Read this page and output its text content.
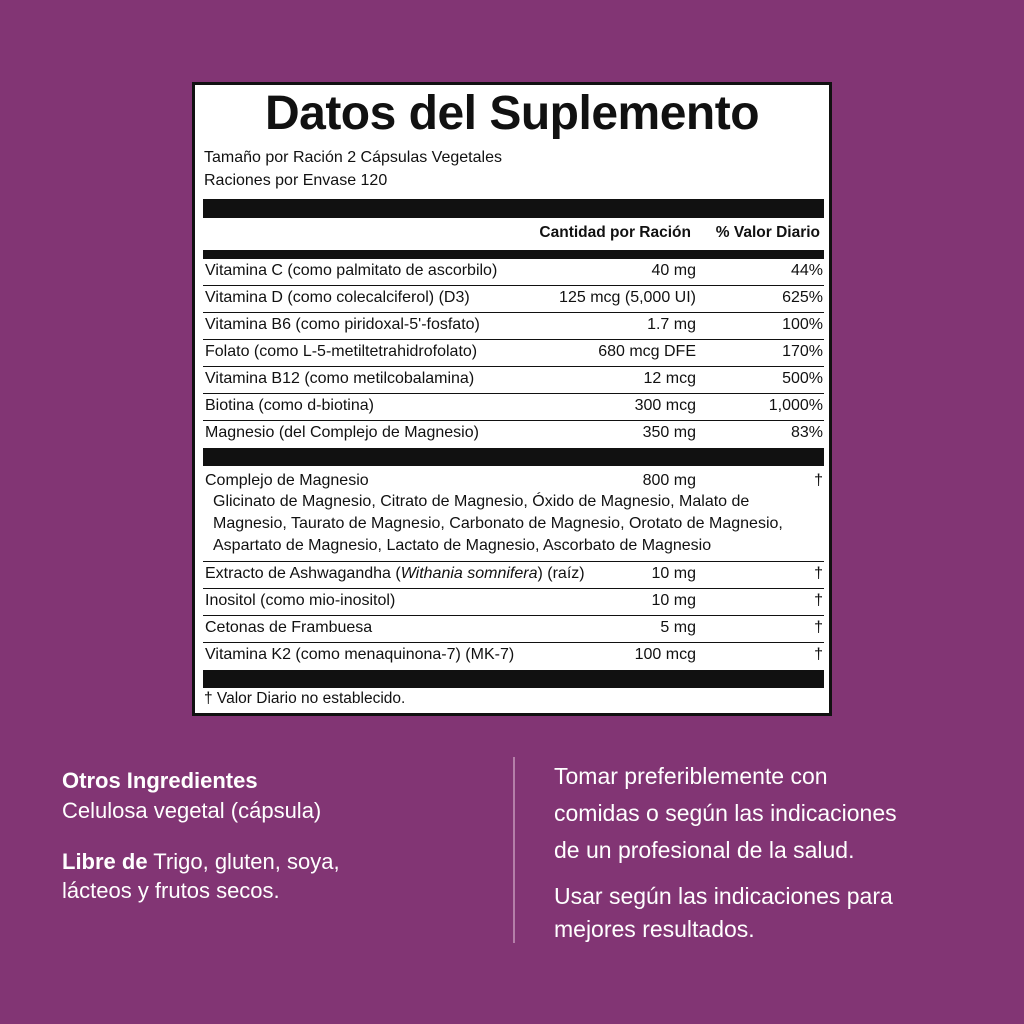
Datos del Suplemento
Tamaño por Ración 2 Cápsulas Vegetales
Raciones por Envase 120
Cantidad por Ración % Valor Diario
Vitamina C (como palmitato de ascorbilo)	40 mg	44%
Vitamina D (como colecalciferol) (D3)	125 mcg (5,000 UI)	625%
Vitamina B6 (como piridoxal-5'-fosfato)	1.7 mg	100%
Folato (como L-5-metiltetrahidrofolato)	680 mcg DFE	170%
Vitamina B12 (como metilcobalamina)	12 mcg	500%
Biotina (como d-biotina)	300 mcg	1,000%
Magnesio (del Complejo de Magnesio)	350 mg	83%
Complejo de Magnesio	800 mg	†
Glicinato de Magnesio, Citrato de Magnesio, Óxido de Magnesio, Malato de
Magnesio, Taurato de Magnesio, Carbonato de Magnesio, Orotato de Magnesio,
Aspartato de Magnesio, Lactato de Magnesio, Ascorbato de Magnesio
Extracto de Ashwagandha (Withania somnifera) (raíz)	10 mg	†
Inositol (como mio-inositol)	10 mg	†
Cetonas de Frambuesa	5 mg	†
Vitamina K2 (como menaquinona-7) (MK-7)	100 mcg	†
† Valor Diario no establecido.
Otros Ingredientes
Celulosa vegetal (cápsula)
Libre de Trigo, gluten, soya,
lácteos y frutos secos.
Tomar preferiblemente con
comidas o según las indicaciones
de un profesional de la salud.
Usar según las indicaciones para
mejores resultados.
